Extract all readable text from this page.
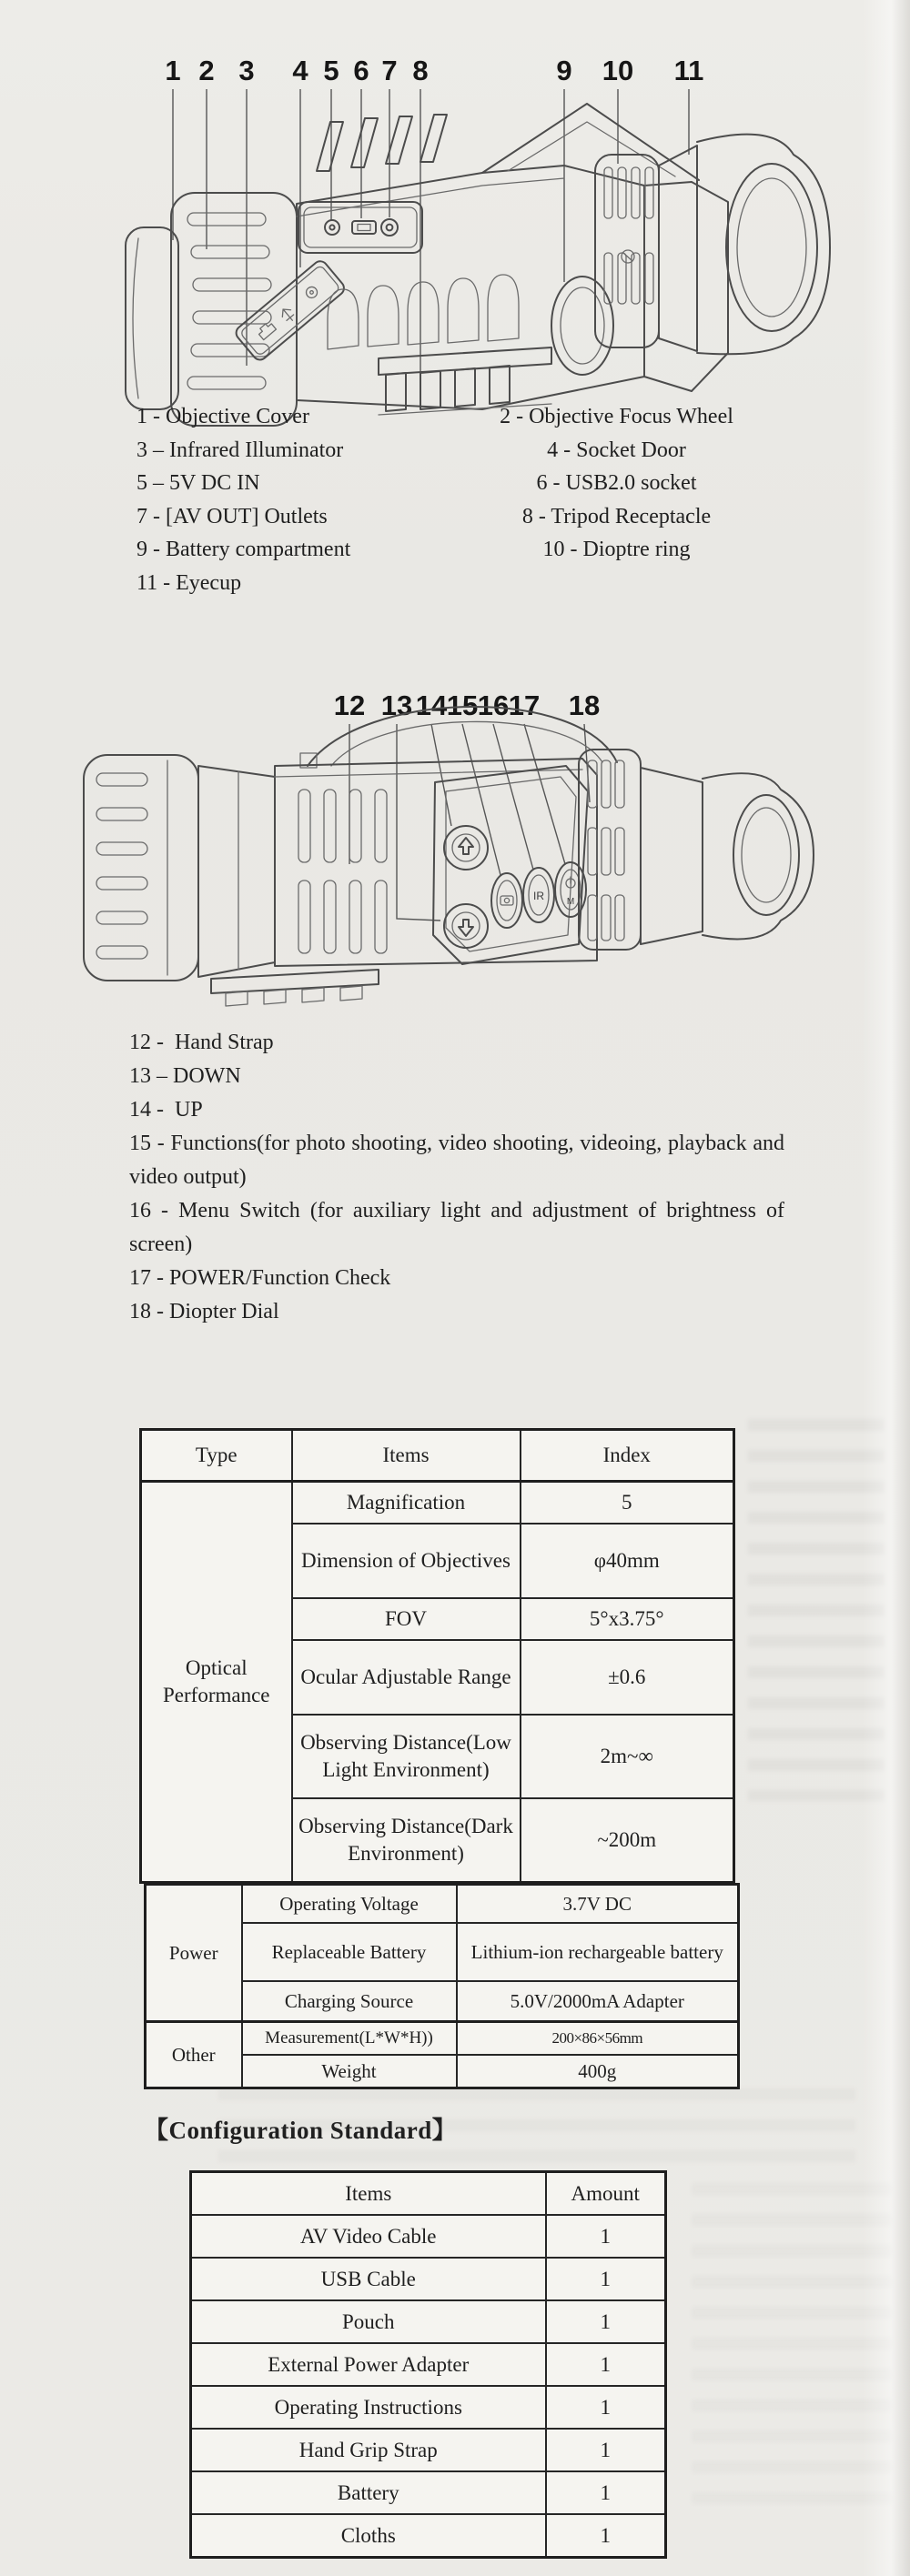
1 2 3 4 5 6 7 8	9 10 11
1 - Objective Cover	2 - Objective Focus Wheel
3 – Infrared Illuminator	4 - Socket Door
5 – 5V DC IN	6 - USB2.0 socket
7 - [AV OUT] Outlets	8 - Tripod Receptacle
9 - Battery compartment	10 - Dioptre ring
11 - Eyecup
12 13 14 15 16 17 18
IR M

12 -  Hand Strap

13 – DOWN

14 -  UP

15 - Functions(for photo shooting, video shooting, videoing, playback and video output)

16 - Menu Switch (for auxiliary light and adjustment of brightness of screen)

17 - POWER/Function Check

18 - Diopter Dial

Type	Items	Index
Optical Performance	Magnification	5
	Dimension of Objectives	φ40mm
	FOV	5°x3.75°
	Ocular Adjustable Range	±0.6
	Observing Distance(Low Light Environment)	2m~∞
	Observing Distance(Dark Environment)	~200m
Power	Operating Voltage	3.7V DC
	Replaceable Battery	Lithium-ion rechargeable battery
	Charging Source	5.0V/2000mA Adapter
Other	Measurement(L*W*H))	200×86×56mm
	Weight	400g
【Configuration Standard】
Items	Amount
AV Video Cable	1
USB Cable	1
Pouch	1
External Power Adapter	1
Operating Instructions	1
Hand Grip Strap	1
Battery	1
Cloths	1
